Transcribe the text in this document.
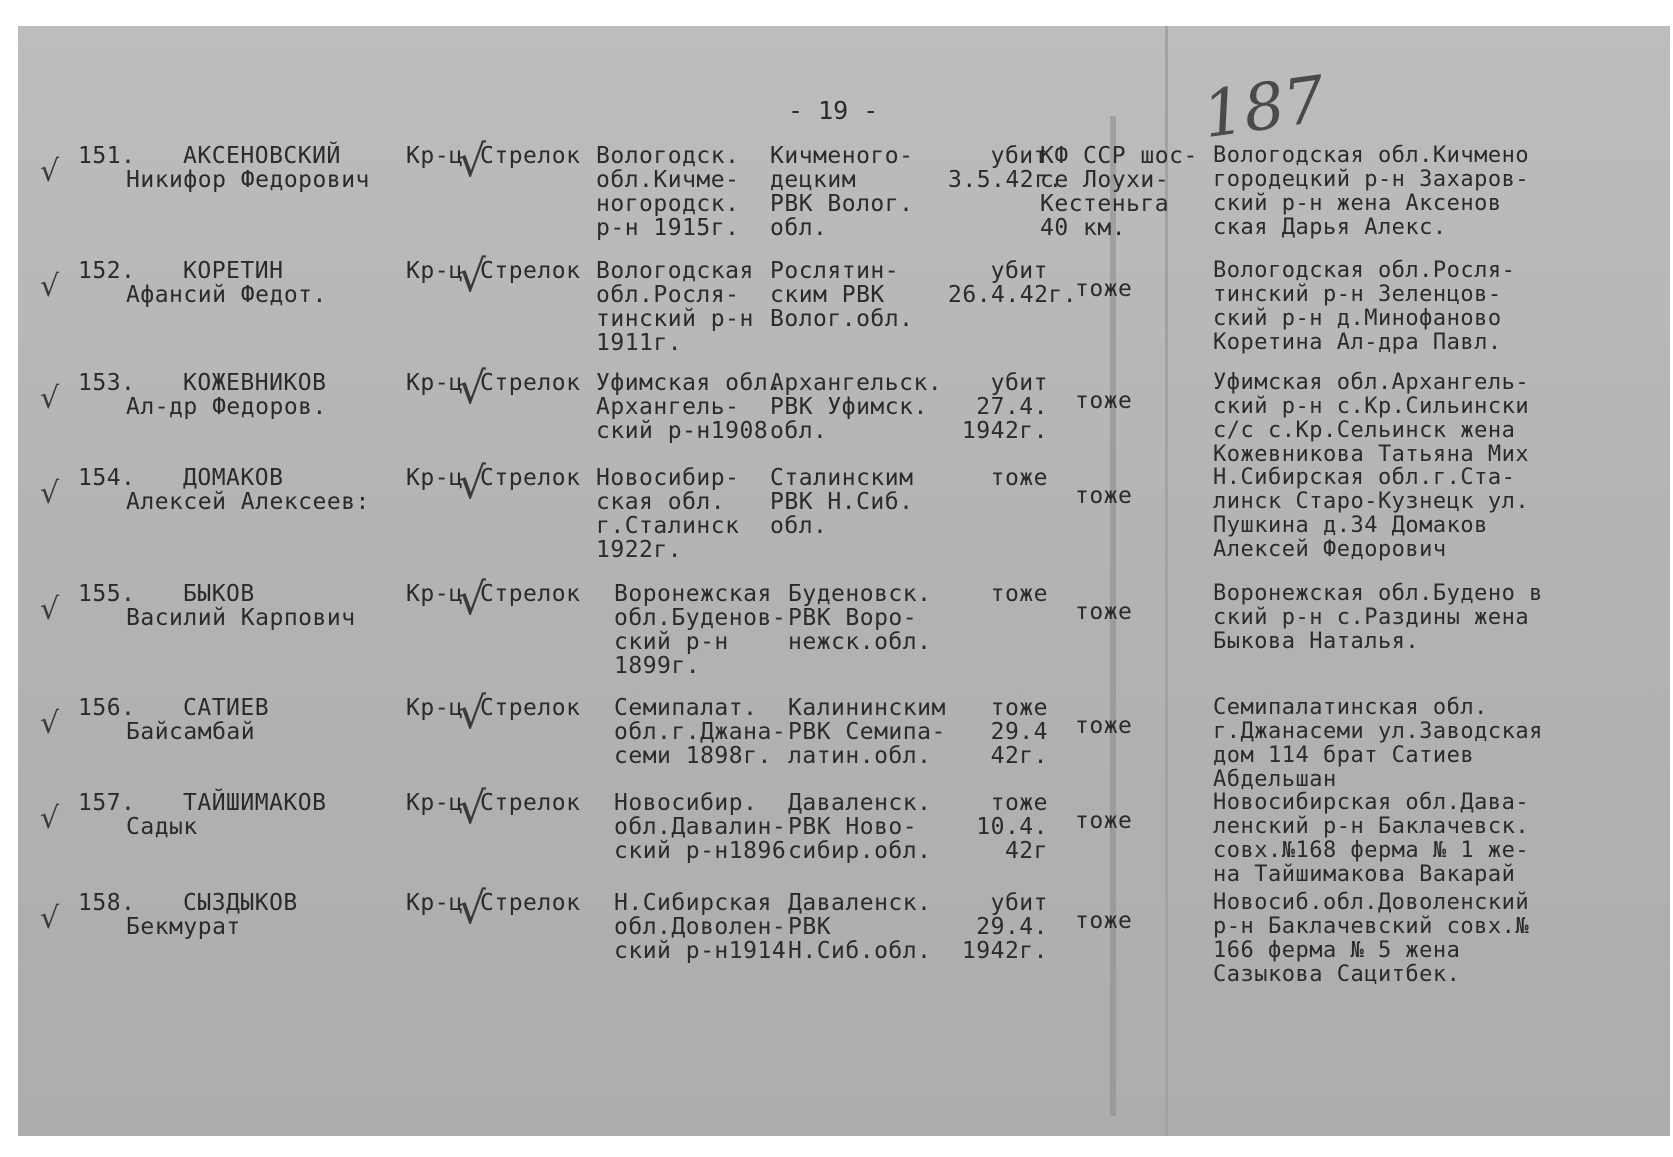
- 19 -	187
√ 151. АКСЕНОВСКИЙ
Никифор Федорович
Кр-ц
√
Стрелок Вологодск.
обл.Кичме-
ногородск.
р-н 1915г.
Кичменого-
децким
РВК Волог.
обл.
убит
3.5.42г.
КФ ССР шос-
се Лоухи-
Кестеньга
40 км.
Вологодская обл.Кичмено
городецкий р-н Захаров-
ский р-н жена Аксенов
ская Дарья Алекс.
√ 152. КОРЕТИН
Афансий Федот.
Кр-ц
√
Стрелок Вологодская
обл.Росля-
тинский р-н
1911г.
Рослятин-
ским РВК
Волог.обл.
убит
26.4.42г.
тоже
Вологодская обл.Росля-
тинский р-н Зеленцов-
ский р-н д.Минофаново
Коретина Ал-дра Павл.
√ 153. КОЖЕВНИКОВ
Ал-др Федоров.
Кр-ц
√
Стрелок Уфимская обл.
Архангель-
ский р-н1908
Архангельск.
РВК Уфимск.
обл.
убит
27.4.
1942г.
тоже
Уфимская обл.Архангель-
ский р-н с.Кр.Сильински
с/с с.Кр.Сельинск жена
Кожевникова Татьяна Мих
√ 154. ДОМАКОВ
Алексей Алексеев:
Кр-ц
√
Стрелок Новосибир-
ская обл.
г.Сталинск
1922г.
Сталинским
РВК Н.Сиб.
обл.
тоже
тоже
Н.Сибирская обл.г.Ста-
линск Старо-Кузнецк ул.
Пушкина д.34 Домаков
Алексей Федорович
√ 155. БЫКОВ
Василий Карпович
Кр-ц
√
Стрелок Воронежская
обл.Буденов-
ский р-н
1899г.
Буденовск.
РВК Воро-
нежск.обл.
тоже
тоже
Воронежская обл.Будено в
ский р-н с.Раздины жена
Быкова Наталья.
√ 156. САТИЕВ
Байсамбай
Кр-ц
√
Стрелок Семипалат.
обл.г.Джана-
семи 1898г.
Калининским
РВК Семипа-
латин.обл.
тоже
29.4
42г.
тоже
Семипалатинская обл.
г.Джанасеми ул.Заводская
дом 114 брат Сатиев
Абдельшан
√ 157. ТАЙШИМАКОВ
Садык
Кр-ц
√
Стрелок Новосибир.
обл.Давалин-
ский р-н1896
Даваленск.
РВК Ново-
сибир.обл.
тоже
10.4.
42г
тоже
Новосибирская обл.Дава-
ленский р-н Баклачевск.
совх.№168 ферма № 1 же-
на Тайшимакова Вакарай
√ 158. СЫЗДЫКОВ
Бекмурат
Кр-ц
√
Стрелок Н.Сибирская
обл.Доволен-
ский р-н1914
Даваленск.
РВК
Н.Сиб.обл.
убит
29.4.
1942г.
тоже
Новосиб.обл.Доволенский
р-н Баклачевский совх.№
166 ферма № 5 жена
Сазыкова Сацитбек.
